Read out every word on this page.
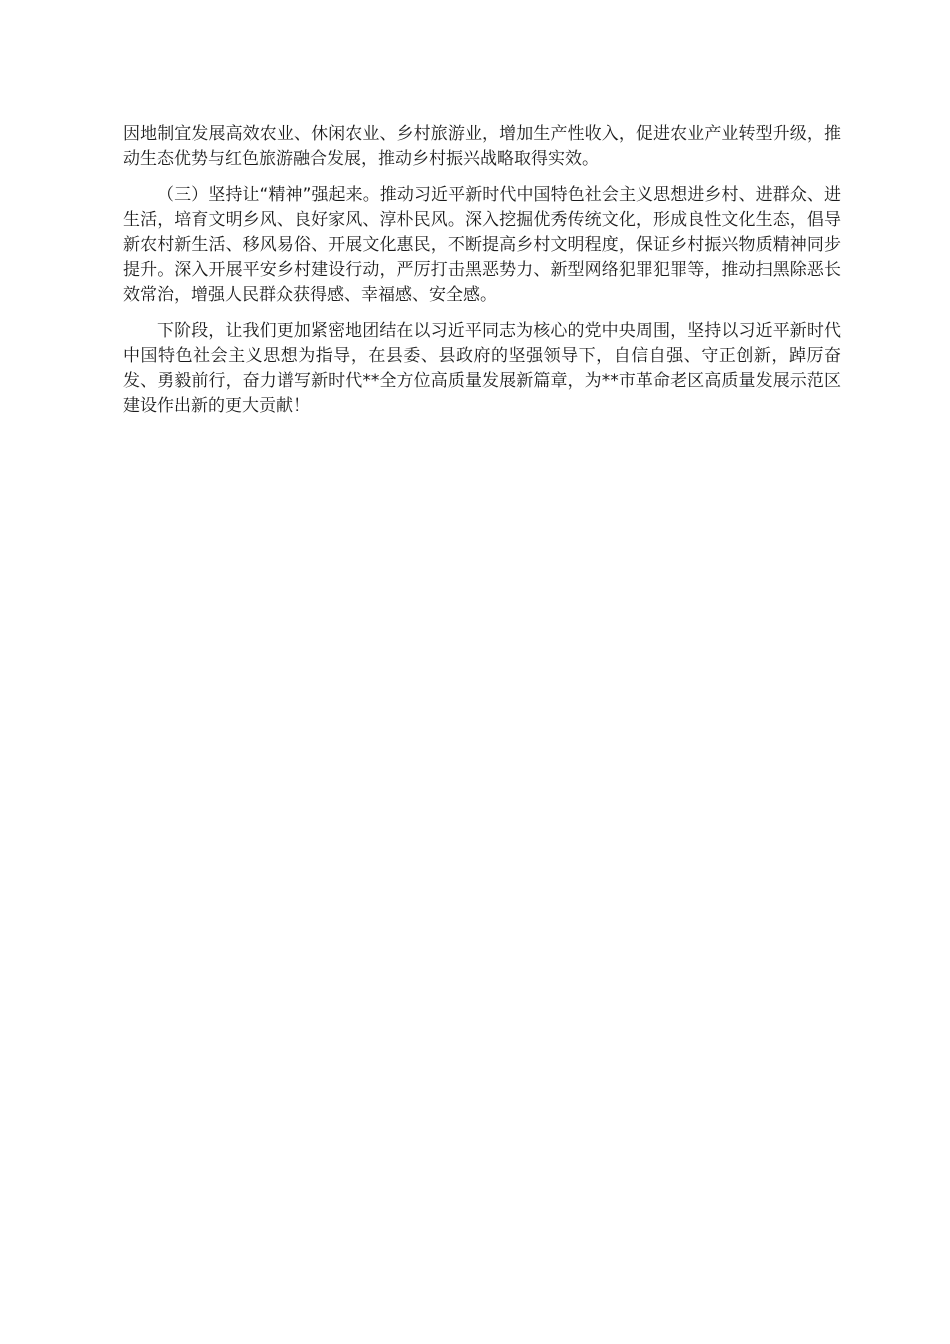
因地制宜发展高效农业、休闲农业、乡村旅游业，增加生产性收入，促进农业产业转型升级，推动生态优势与红色旅游融合发展，推动乡村振兴战略取得实效。

（三）坚持让“精神”强起来。推动习近平新时代中国特色社会主义思想进乡村、进群众、进生活，培育文明乡风、良好家风、淳朴民风。深入挖掘优秀传统文化，形成良性文化生态，倡导新农村新生活、移风易俗、开展文化惠民，不断提高乡村文明程度，保证乡村振兴物质精神同步提升。深入开展平安乡村建设行动，严厉打击黑恶势力、新型网络犯罪犯罪等，推动扫黑除恶长效常治，增强人民群众获得感、幸福感、安全感。

下阶段，让我们更加紧密地团结在以习近平同志为核心的党中央周围，坚持以习近平新时代中国特色社会主义思想为指导，在县委、县政府的坚强领导下，自信自强、守正创新，踔厉奋发、勇毅前行，奋力谱写新时代**全方位高质量发展新篇章，为**市革命老区高质量发展示范区建设作出新的更大贡献！
